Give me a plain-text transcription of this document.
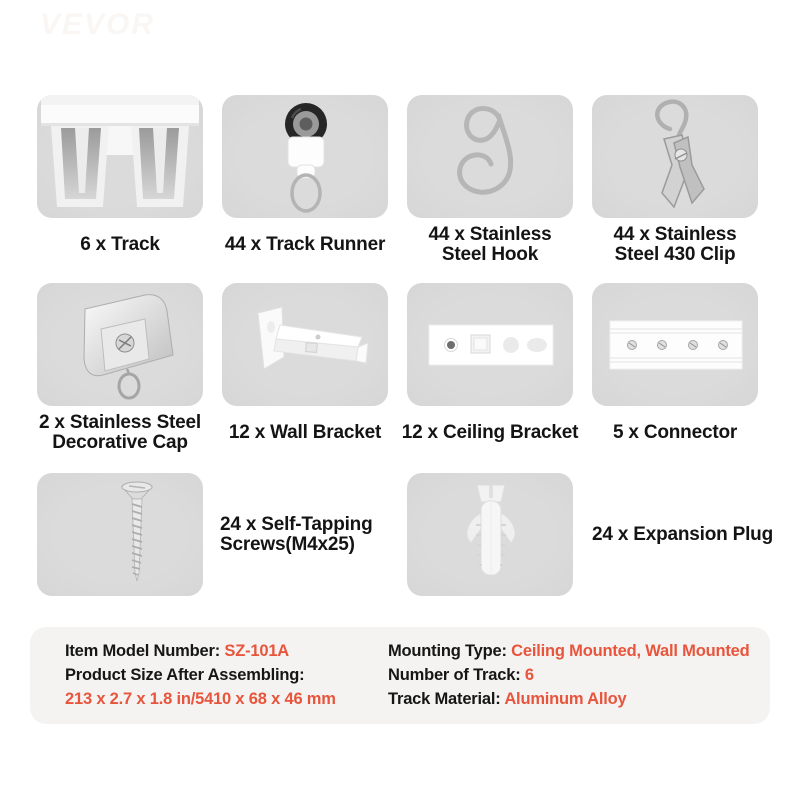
VEVOR
6 x Track	44 x Track Runner 44 x Stainless
Steel Hook
44 x Stainless
Steel 430 Clip
2 x Stainless Steel
Decorative Cap 12 x Wall Bracket 12 x Ceiling Bracket 5 x Connector
24 x Self-Tapping
Screws(M4x25)	24 x Expansion Plug
Item Model Number: SZ-101A
Product Size After Assembling:
213 x 2.7 x 1.8 in/5410 x 68 x 46 mm
Mounting Type: Ceiling Mounted, Wall Mounted
Number of Track: 6
Track Material: Aluminum Alloy
